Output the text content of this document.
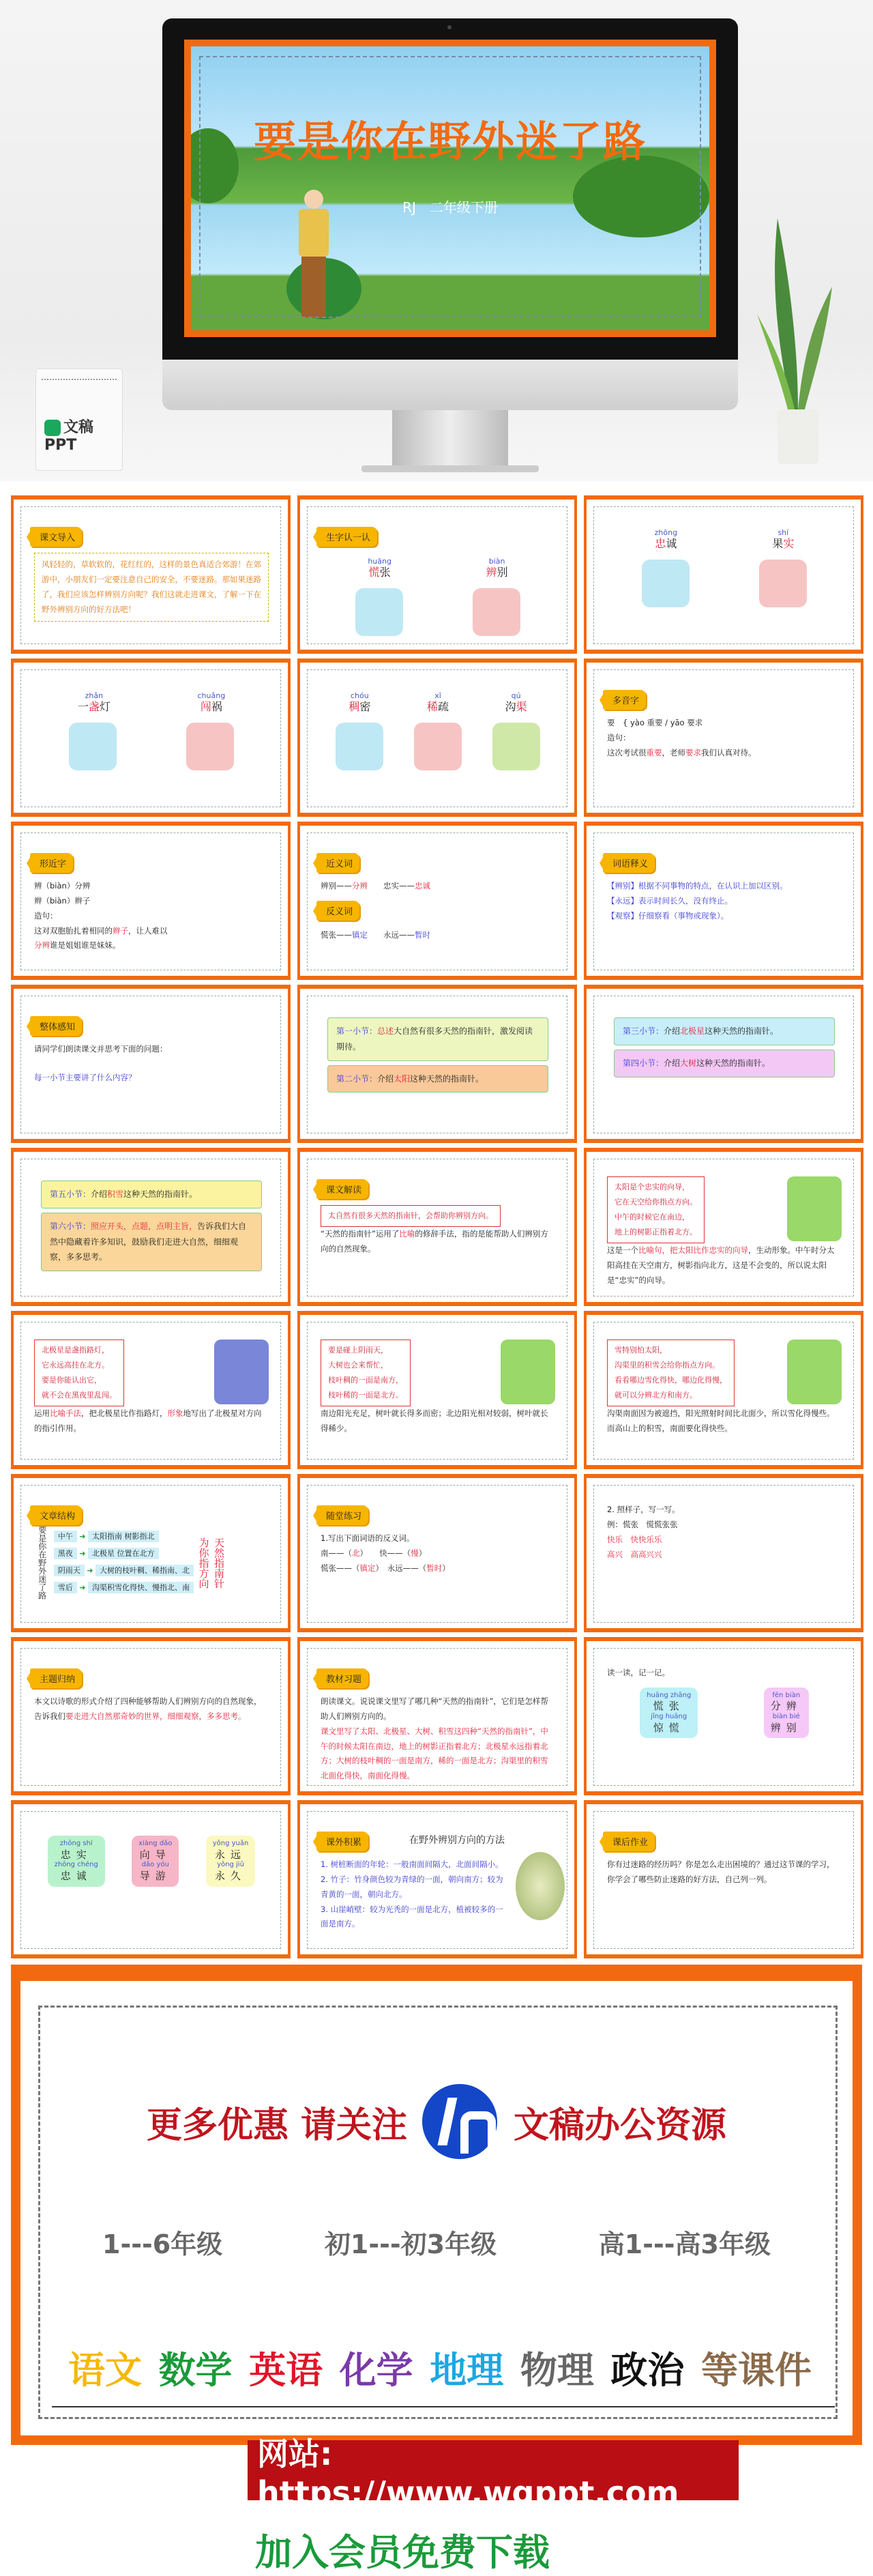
要是你在野外迷了路
RJ　二年级下册
文稿PPT
课文导入
风轻轻的，草软软的，花红红的，这样的景色真适合郊游！在郊游中，小朋友们一定要注意自己的安全，不要迷路。那如果迷路了，我们应该怎样辨别方向呢？我们这就走进课文，了解一下在野外辨别方向的好方法吧！
生字认一认
huāng
慌张
biàn
辨别
zhōng
忠诚
shí
果实
zhǎn
一盏灯
chuǎng
闯祸
chóu
稠密
xī
稀疏
qú
沟渠	多音字
要　{ yào 重要 / yāo 要求
造句：
这次考试很重要，老师要求我们认真对待。
形近字
辨（biàn）分辨
辫（biàn）辫子
造句：
这对双胞胎扎着相同的辫子，让人难以
分辨谁是姐姐谁是妹妹。
近义词
辨别——分辨　　忠实——忠诚
反义词
慌张——镇定　　永远——暂时
词语释义
【辨别】根据不同事物的特点，在认识上加以区别。
【永远】表示时间长久，没有终止。
【观察】仔细察看（事物或现象）。
整体感知
请同学们朗读课文并思考下面的问题：
每一小节主要讲了什么内容？
第一小节：总述大自然有很多天然的指南针，激发阅读期待。
第二小节：介绍太阳这种天然的指南针。
第三小节：介绍北极星这种天然的指南针。
第四小节：介绍大树这种天然的指南针。
第五小节：介绍积雪这种天然的指南针。
第六小节：照应开头，点题，点明主旨，告诉我们大自然中隐藏着许多知识，鼓励我们走进大自然，细细观察，多多思考。
课文解读
太自然有很多天然的指南针，会帮助你辨别方向。
“天然的指南针”运用了比喻的修辞手法，指的是能帮助人们辨别方向的自然现象。
太阳是个忠实的向导，
它在天空给你指点方向。
中午的时候它在南边，
地上的树影正指着北方。
这是一个比喻句，把太阳比作忠实的向导，生动形象。中午时分太阳高挂在天空南方，树影指向北方，这是不会变的，所以说太阳是“忠实”的向导。
北极星是盏指路灯，
它永远高挂在北方。
要是你能认出它，
就不会在黑夜里乱闯。
运用比喻手法，把北极星比作指路灯，形象地写出了北极星对方向的指引作用。
要是碰上阴雨天，
大树也会来帮忙，
枝叶稠的一面是南方，
枝叶稀的一面是北方。
南边阳光充足，树叶就长得多而密；北边阳光相对较弱，树叶就长得稀少。
雪特别怕太阳，
沟渠里的积雪会给你指点方向。
看看哪边雪化得快，哪边化得慢，
就可以分辨北方和南方。
沟渠南面因为被遮挡，阳光照射时间比北面少，所以雪化得慢些。而高山上的积雪，南面要化得快些。
文章结构
要是你在野外迷了路	中午 ➜ 太阳指南 树影指北
黑夜 ➜ 北极星 位置在北方
阴雨天 ➜ 大树的枝叶稠、稀指南、北
雪后 ➜ 沟渠积雪化得快、慢指北、南 为你指方向 天然指南针
随堂练习
1.写出下面词语的反义词。
南——（北）　　快——（慢）
慌张——（镇定）　永远——（暂时）
2. 照样子，写一写。
例：慌张　慌慌张张
快乐　快快乐乐
高兴　高高兴兴
主题归纳
本文以诗歌的形式介绍了四种能够帮助人们辨别方向的自然现象，告诉我们要走进大自然那奇妙的世界，细细观察，多多思考。
教材习题
朗读课文。说说课文里写了哪几种“天然的指南针”，它们是怎样帮助人们辨别方向的。
课文里写了太阳、北极星、大树、积雪这四种“天然的指南针”，中午的时候太阳在南边，地上的树影正指着北方；北极星永远指着北方；大树的枝叶稠的一面是南方，稀的一面是北方；沟渠里的积雪北面化得快，南面化得慢。
读一读，记一记。
huāng zhāng
慌张
jīng huāng
惊慌
fēn biàn
分辨
biàn bié
辨别
zhōng shí
忠实
zhōng chéng
忠诚
xiàng dǎo
向导
dǎo yóu
导游
yǒng yuǎn
永远
yǒng jiǔ
永久
课外积累	在野外辨别方向的方法
1. 树桩断面的年轮：一般南面间隔大，北面间隔小。
2. 竹子：竹身颜色较为青绿的一面，朝向南方；较为青黄的一面，朝向北方。
3. 山崖峭壁：较为光秃的一面是北方，植被较多的一面是南方。
课后作业
你有过迷路的经历吗？你是怎么走出困境的？通过这节课的学习，你学会了哪些防止迷路的好方法，自己列一列。
更多优惠 请关注	文稿办公资源
1---6年级	初1---初3年级	高1---高3年级
语文 数学 英语 化学 地理 物理 政治 等课件
网站: https://www.wgppt.com
加入会员免费下载
